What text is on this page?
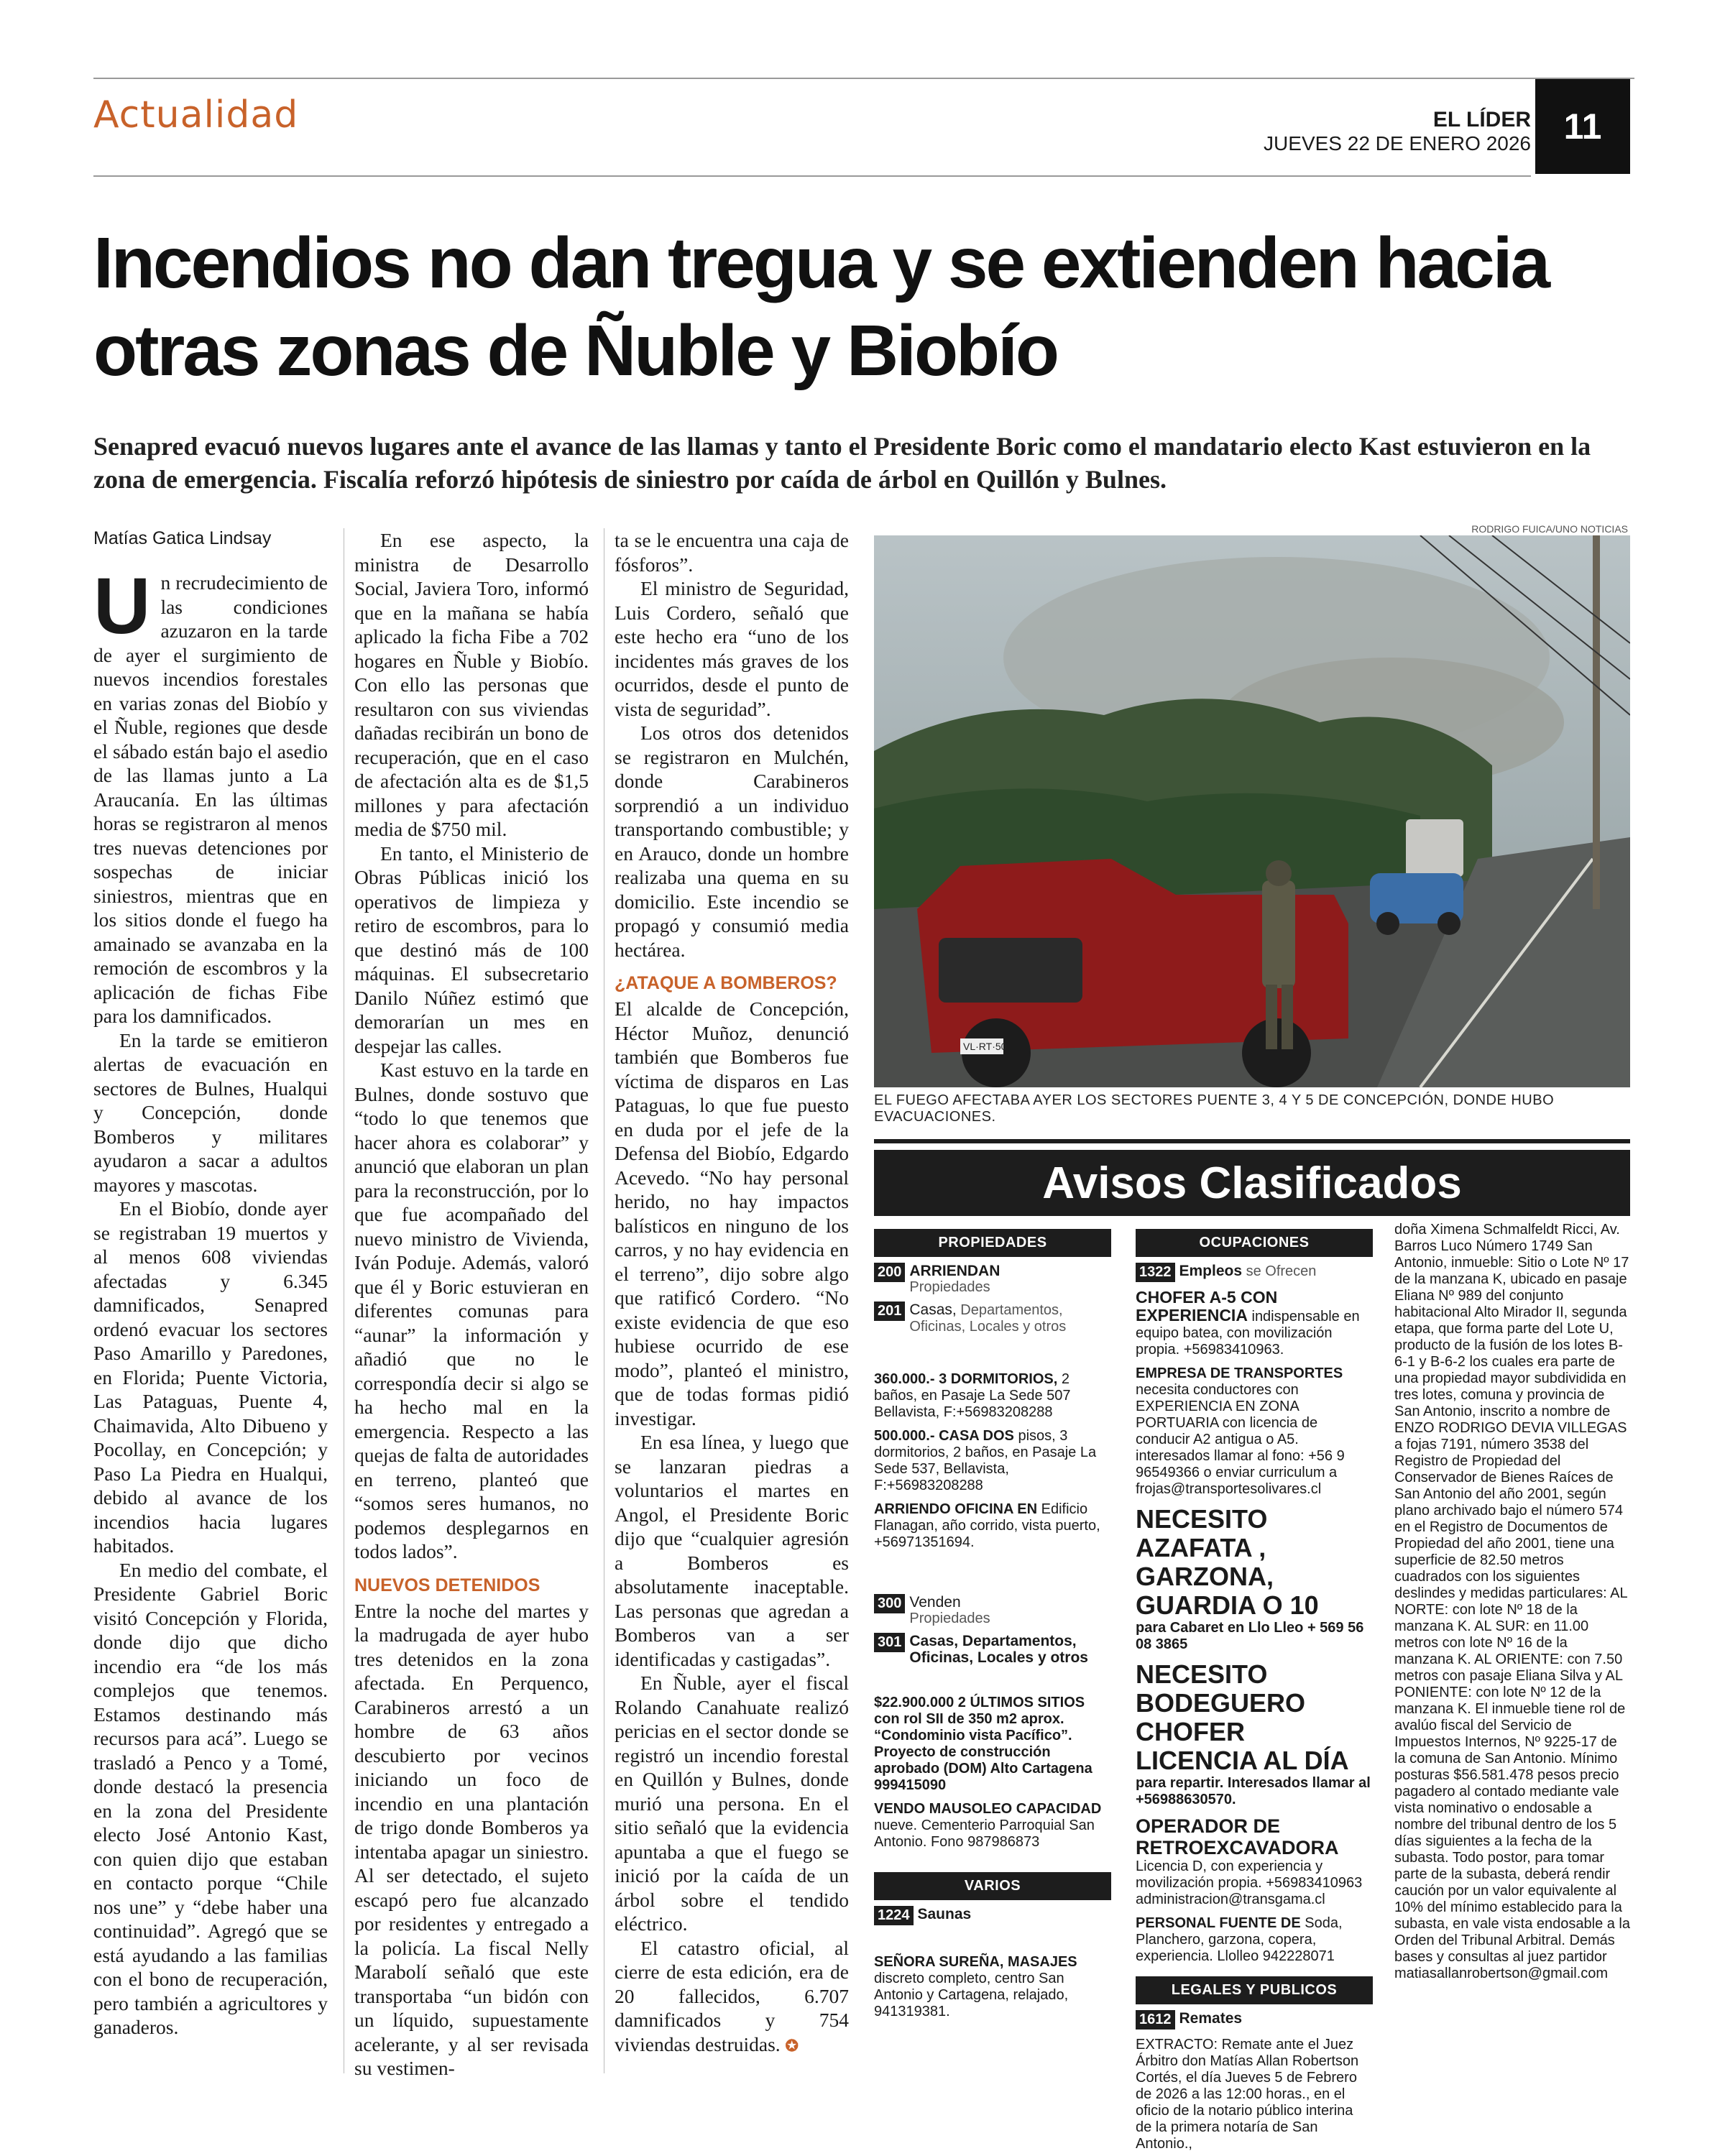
Actualidad	EL LÍDER
JUEVES 22 DE ENERO 2026 11
Incendios no dan tregua y se extienden hacia otras zonas de Ñuble y Biobío
Senapred evacuó nuevos lugares ante el avance de las llamas y tanto el Presidente Boric como el mandatario electo Kast estuvieron en la zona de emergencia. Fiscalía reforzó hipótesis de siniestro por caída de árbol en Quillón y Bulnes.
Matías Gatica Lindsay

Un recrudecimiento de las condiciones azuzaron en la tarde de ayer el surgimiento de nuevos incendios forestales en varias zonas del Biobío y el Ñuble, regiones que desde el sábado están bajo el asedio de las llamas junto a La Araucanía. En las últimas horas se registraron al menos tres nuevas detenciones por sospechas de iniciar siniestros, mientras que en los sitios donde el fuego ha amainado se avanzaba en la remoción de escombros y la aplicación de fichas Fibe para los damnificados.

En la tarde se emitieron alertas de evacuación en sectores de Bulnes, Hualqui y Concepción, donde Bomberos y militares ayudaron a sacar a adultos mayores y mascotas.

En el Biobío, donde ayer se registraban 19 muertos y al menos 608 viviendas afectadas y 6.345 damnificados, Senapred ordenó evacuar los sectores Paso Amarillo y Paredones, en Florida; Puente Victoria, Las Pataguas, Puente 4, Chaimavida, Alto Dibueno y Pocollay, en Concepción; y Paso La Piedra en Hualqui, debido al avance de los incendios hacia lugares habitados.

En medio del combate, el Presidente Gabriel Boric visitó Concepción y Florida, donde dijo que dicho incendio era “de los más complejos que tenemos. Estamos destinando más recursos para acá”. Luego se trasladó a Penco y a Tomé, donde destacó la presencia en la zona del Presidente electo José Antonio Kast, con quien dijo que estaban en contacto porque “Chile nos une” y “debe haber una continuidad”. Agregó que se está ayudando a las familias con el bono de recuperación, pero también a agricultores y ganaderos.

En ese aspecto, la ministra de Desarrollo Social, Javiera Toro, informó que en la mañana se había aplicado la ficha Fibe a 702 hogares en Ñuble y Biobío. Con ello las personas que resultaron con sus viviendas dañadas recibirán un bono de recuperación, que en el caso de afectación alta es de $1,5 millones y para afectación media de $750 mil.

En tanto, el Ministerio de Obras Públicas inició los operativos de limpieza y retiro de escombros, para lo que destinó más de 100 máquinas. El subsecretario Danilo Núñez estimó que demorarían un mes en despejar las calles.

Kast estuvo en la tarde en Bulnes, donde sostuvo que “todo lo que tenemos que hacer ahora es colaborar” y anunció que elaboran un plan para la reconstrucción, por lo que fue acompañado del nuevo ministro de Vivienda, Iván Poduje. Además, valoró que él y Boric estuvieran en diferentes comunas para “aunar” la información y añadió que no le correspondía decir si algo se ha hecho mal en la emergencia. Respecto a las quejas de falta de autoridades en terreno, planteó que “somos seres humanos, no podemos desplegarnos en todos lados”.

NUEVOS DETENIDOS

Entre la noche del martes y la madrugada de ayer hubo tres detenidos en la zona afectada. En Perquenco, Carabineros arrestó a un hombre de 63 años descubierto por vecinos iniciando un foco de incendio en una plantación de trigo donde Bomberos ya intentaba apagar un siniestro. Al ser detectado, el sujeto escapó pero fue alcanzado por residentes y entregado a la policía. La fiscal Nelly Marabolí señaló que este transportaba “un bidón con un líquido, supuestamente acelerante, y al ser revisada su vestimen-

ta se le encuentra una caja de fósforos”.

El ministro de Seguridad, Luis Cordero, señaló que este hecho era “uno de los incidentes más graves de los ocurridos, desde el punto de vista de seguridad”.

Los otros dos detenidos se registraron en Mulchén, donde Carabineros sorprendió a un individuo transportando combustible; y en Arauco, donde un hombre realizaba una quema en su domicilio. Este incendio se propagó y consumió media hectárea.

¿ATAQUE A BOMBEROS?

El alcalde de Concepción, Héctor Muñoz, denunció también que Bomberos fue víctima de disparos en Las Pataguas, lo que fue puesto en duda por el jefe de la Defensa del Biobío, Edgardo Acevedo. “No hay personal herido, no hay impactos balísticos en ninguno de los carros, y no hay evidencia en el terreno”, dijo sobre algo que ratificó Cordero. “No existe evidencia de que eso hubiese ocurrido de ese modo”, planteó el ministro, que de todas formas pidió investigar.

En esa línea, y luego que se lanzaran piedras a voluntarios el martes en Angol, el Presidente Boric dijo que “cualquier agresión a Bomberos es absolutamente inaceptable. Las personas que agredan a Bomberos van a ser identificadas y castigadas”.

En Ñuble, ayer el fiscal Rolando Canahuate realizó pericias en el sector donde se registró un incendio forestal en Quillón y Bulnes, donde murió una persona. En el sitio señaló que la evidencia apuntaba a que el fuego se inició por la caída de un árbol sobre el tendido eléctrico.

El catastro oficial, al cierre de esta edición, era de 20 fallecidos, 6.707 damnificados y 754 viviendas destruidas. ✪

RODRIGO FUICA/UNO NOTICIAS
VL·RT·50
EL FUEGO AFECTABA AYER LOS SECTORES PUENTE 3, 4 Y 5 DE CONCEPCIÓN, DONDE HUBO EVACUACIONES.
Avisos Clasificados
PROPIEDADES
200 ARRIENDAN
Propiedades
201 Casas, Departamentos, Oficinas, Locales y otros
360.000.- 3 DORMITORIOS, 2 baños, en Pasaje La Sede 507 Bellavista, F:+56983208288
500.000.- CASA DOS pisos, 3 dormitorios, 2 baños, en Pasaje La Sede 537, Bellavista, F:+56983208288
ARRIENDO OFICINA EN Edificio Flanagan, año corrido, vista puerto, +56971351694.
300 Venden
Propiedades
301 Casas, Departamentos, Oficinas, Locales y otros
$22.900.000 2 ÚLTIMOS SITIOS con rol SII de 350 m2 aprox. “Condominio vista Pacífico”. Proyecto de construcción aprobado (DOM) Alto Cartagena 999415090
VENDO MAUSOLEO CAPACIDAD nueve. Cementerio Parroquial San Antonio. Fono 987986873
VARIOS
1224 Saunas
SEÑORA SUREÑA, MASAJES discreto completo, centro San Antonio y Cartagena, relajado, 941319381.
OCUPACIONES
1322 Empleos se Ofrecen
CHOFER A-5 CON EXPERIENCIA indispensable en equipo batea, con movilización propia. +56983410963.
EMPRESA DE TRANSPORTES necesita conductores con EXPERIENCIA EN ZONA PORTUARIA con licencia de conducir A2 antigua o A5. interesados llamar al fono: +56 9 96549366 o enviar curriculum a frojas@transportesolivares.cl
NECESITO AZAFATA , GARZONA, GUARDIA O 10
para Cabaret en Llo Lleo + 569 56 08 3865
NECESITO BODEGUERO CHOFER LICENCIA AL DÍA
para repartir. Interesados llamar al +56988630570.
OPERADOR DE RETROEXCAVADORA Licencia D, con experiencia y movilización propia. +56983410963 administracion@transgama.cl
PERSONAL FUENTE DE Soda, Planchero, garzona, copera, experiencia. Llolleo 942228071
LEGALES Y PUBLICOS
1612 Remates
EXTRACTO: Remate ante el Juez Árbitro don Matías Allan Robertson Cortés, el día Jueves 5 de Febrero de 2026 a las 12:00 horas., en el oficio de la notario público interina de la primera notaría de San Antonio.,
doña Ximena Schmalfeldt Ricci, Av. Barros Luco Número 1749 San Antonio, inmueble: Sitio o Lote Nº 17 de la manzana K, ubicado en pasaje Eliana Nº 989 del conjunto habitacional Alto Mirador II, segunda etapa, que forma parte del Lote U, producto de la fusión de los lotes B-6-1 y B-6-2 los cuales era parte de una propiedad mayor subdividida en tres lotes, comuna y provincia de San Antonio, inscrito a nombre de ENZO RODRIGO DEVIA VILLEGAS a fojas 7191, número 3538 del Registro de Propiedad del Conservador de Bienes Raíces de San Antonio del año 2001, según plano archivado bajo el número 574 en el Registro de Documentos de Propiedad del año 2001, tiene una superficie de 82.50 metros cuadrados con los siguientes deslindes y medidas particulares: AL NORTE: con lote Nº 18 de la manzana K. AL SUR: en 11.00 metros con lote Nº 16 de la manzana K. AL ORIENTE: con 7.50 metros con pasaje Eliana Silva y AL PONIENTE: con lote Nº 12 de la manzana K. El inmueble tiene rol de avalúo fiscal del Servicio de Impuestos Internos, Nº 9225-17 de la comuna de San Antonio. Mínimo posturas $56.581.478 pesos precio pagadero al contado mediante vale vista nominativo o endosable a nombre del tribunal dentro de los 5 días siguientes a la fecha de la subasta. Todo postor, para tomar parte de la subasta, deberá rendir caución por un valor equivalente al 10% del mínimo establecido para la subasta, en vale vista endosable a la Orden del Tribunal Arbitral. Demás bases y consultas al juez partidor matiasallanrobertson@gmail.com
